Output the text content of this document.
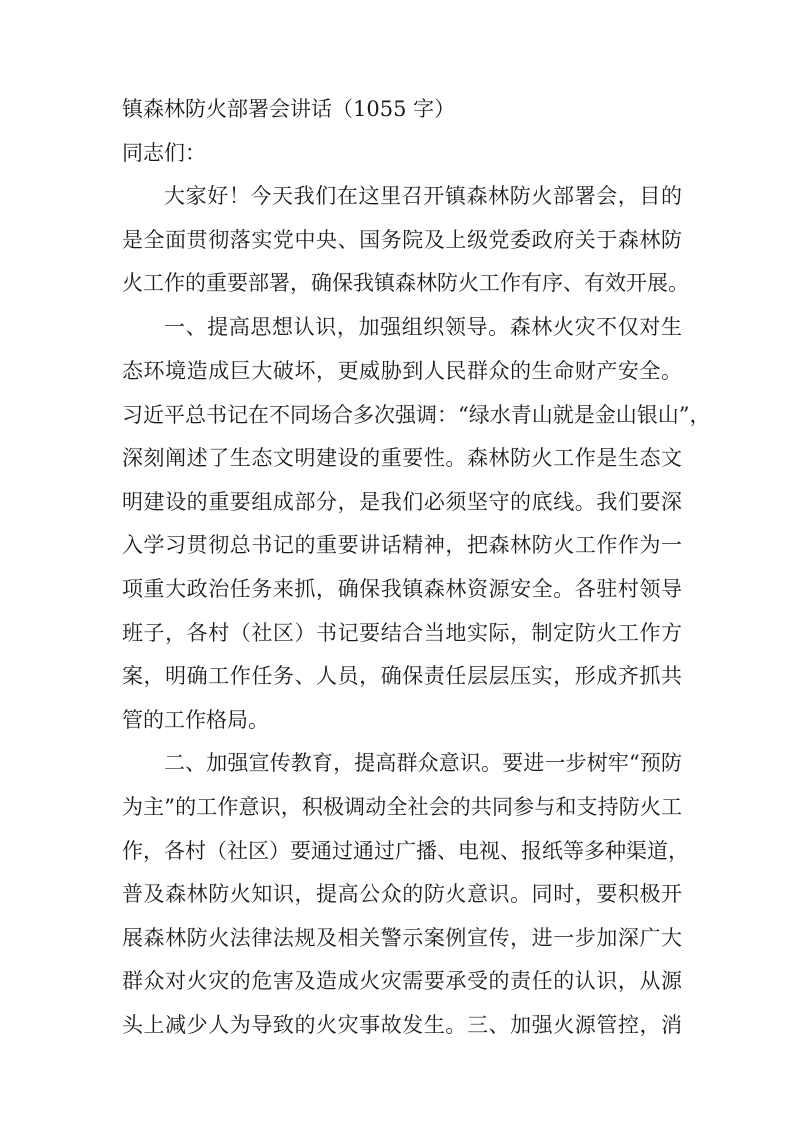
镇森林防火部署会讲话（1055 字）
同志们：
大家好！今天我们在这里召开镇森林防火部署会，目的
是全面贯彻落实党中央、国务院及上级党委政府关于森林防
火工作的重要部署，确保我镇森林防火工作有序、有效开展。
一、提高思想认识，加强组织领导。森林火灾不仅对生
态环境造成巨大破坏，更威胁到人民群众的生命财产安全。
习近平总书记在不同场合多次强调：“绿水青山就是金山银山”，
深刻阐述了生态文明建设的重要性。森林防火工作是生态文
明建设的重要组成部分，是我们必须坚守的底线。我们要深
入学习贯彻总书记的重要讲话精神，把森林防火工作作为一
项重大政治任务来抓，确保我镇森林资源安全。各驻村领导
班子，各村（社区）书记要结合当地实际，制定防火工作方
案，明确工作任务、人员，确保责任层层压实，形成齐抓共
管的工作格局。
二、加强宣传教育，提高群众意识。要进一步树牢“预防
为主”的工作意识，积极调动全社会的共同参与和支持防火工
作，各村（社区）要通过通过广播、电视、报纸等多种渠道，
普及森林防火知识，提高公众的防火意识。同时，要积极开
展森林防火法律法规及相关警示案例宣传，进一步加深广大
群众对火灾的危害及造成火灾需要承受的责任的认识，从源
头上减少人为导致的火灾事故发生。三、加强火源管控，消
